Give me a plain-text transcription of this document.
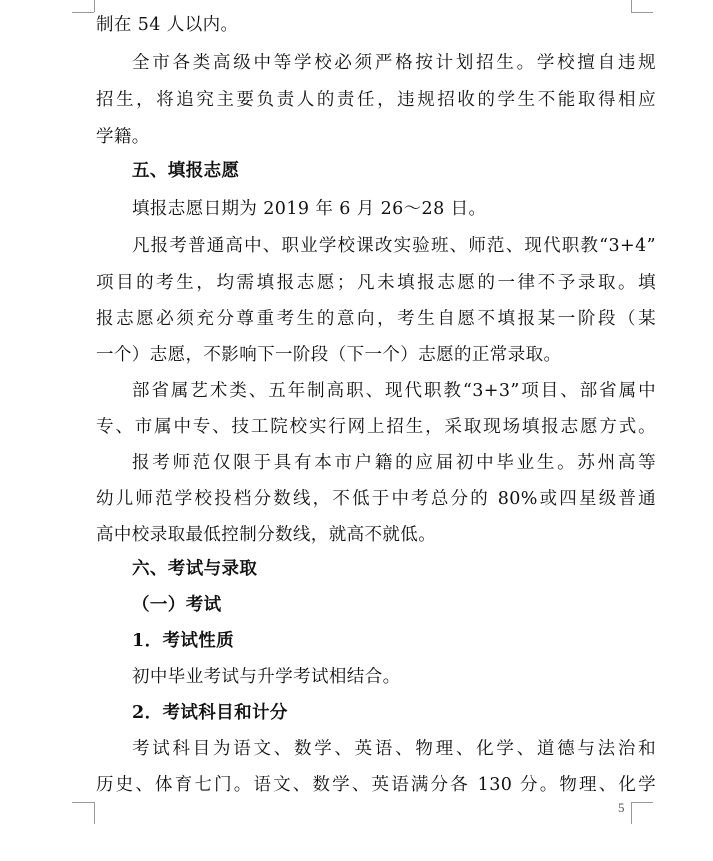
制在 54 人以内。
全市各类高级中等学校必须严格按计划招生。学校擅自违规
招生，将追究主要负责人的责任，违规招收的学生不能取得相应
学籍。
五、填报志愿
填报志愿日期为 2019 年 6 月 26～28 日。
凡报考普通高中、职业学校课改实验班、师范、现代职教“3+4”
项目的考生，均需填报志愿；凡未填报志愿的一律不予录取。填
报志愿必须充分尊重考生的意向，考生自愿不填报某一阶段（某
一个）志愿，不影响下一阶段（下一个）志愿的正常录取。
部省属艺术类、五年制高职、现代职教“3+3”项目、部省属中
专、市属中专、技工院校实行网上招生，采取现场填报志愿方式。
报考师范仅限于具有本市户籍的应届初中毕业生。苏州高等
幼儿师范学校投档分数线，不低于中考总分的 80%或四星级普通
高中校录取最低控制分数线，就高不就低。
六、考试与录取
（一）考试
1．考试性质
初中毕业考试与升学考试相结合。
2．考试科目和计分
考试科目为语文、数学、英语、物理、化学、道德与法治和
历史、体育七门。语文、数学、英语满分各 130 分。物理、化学
5
